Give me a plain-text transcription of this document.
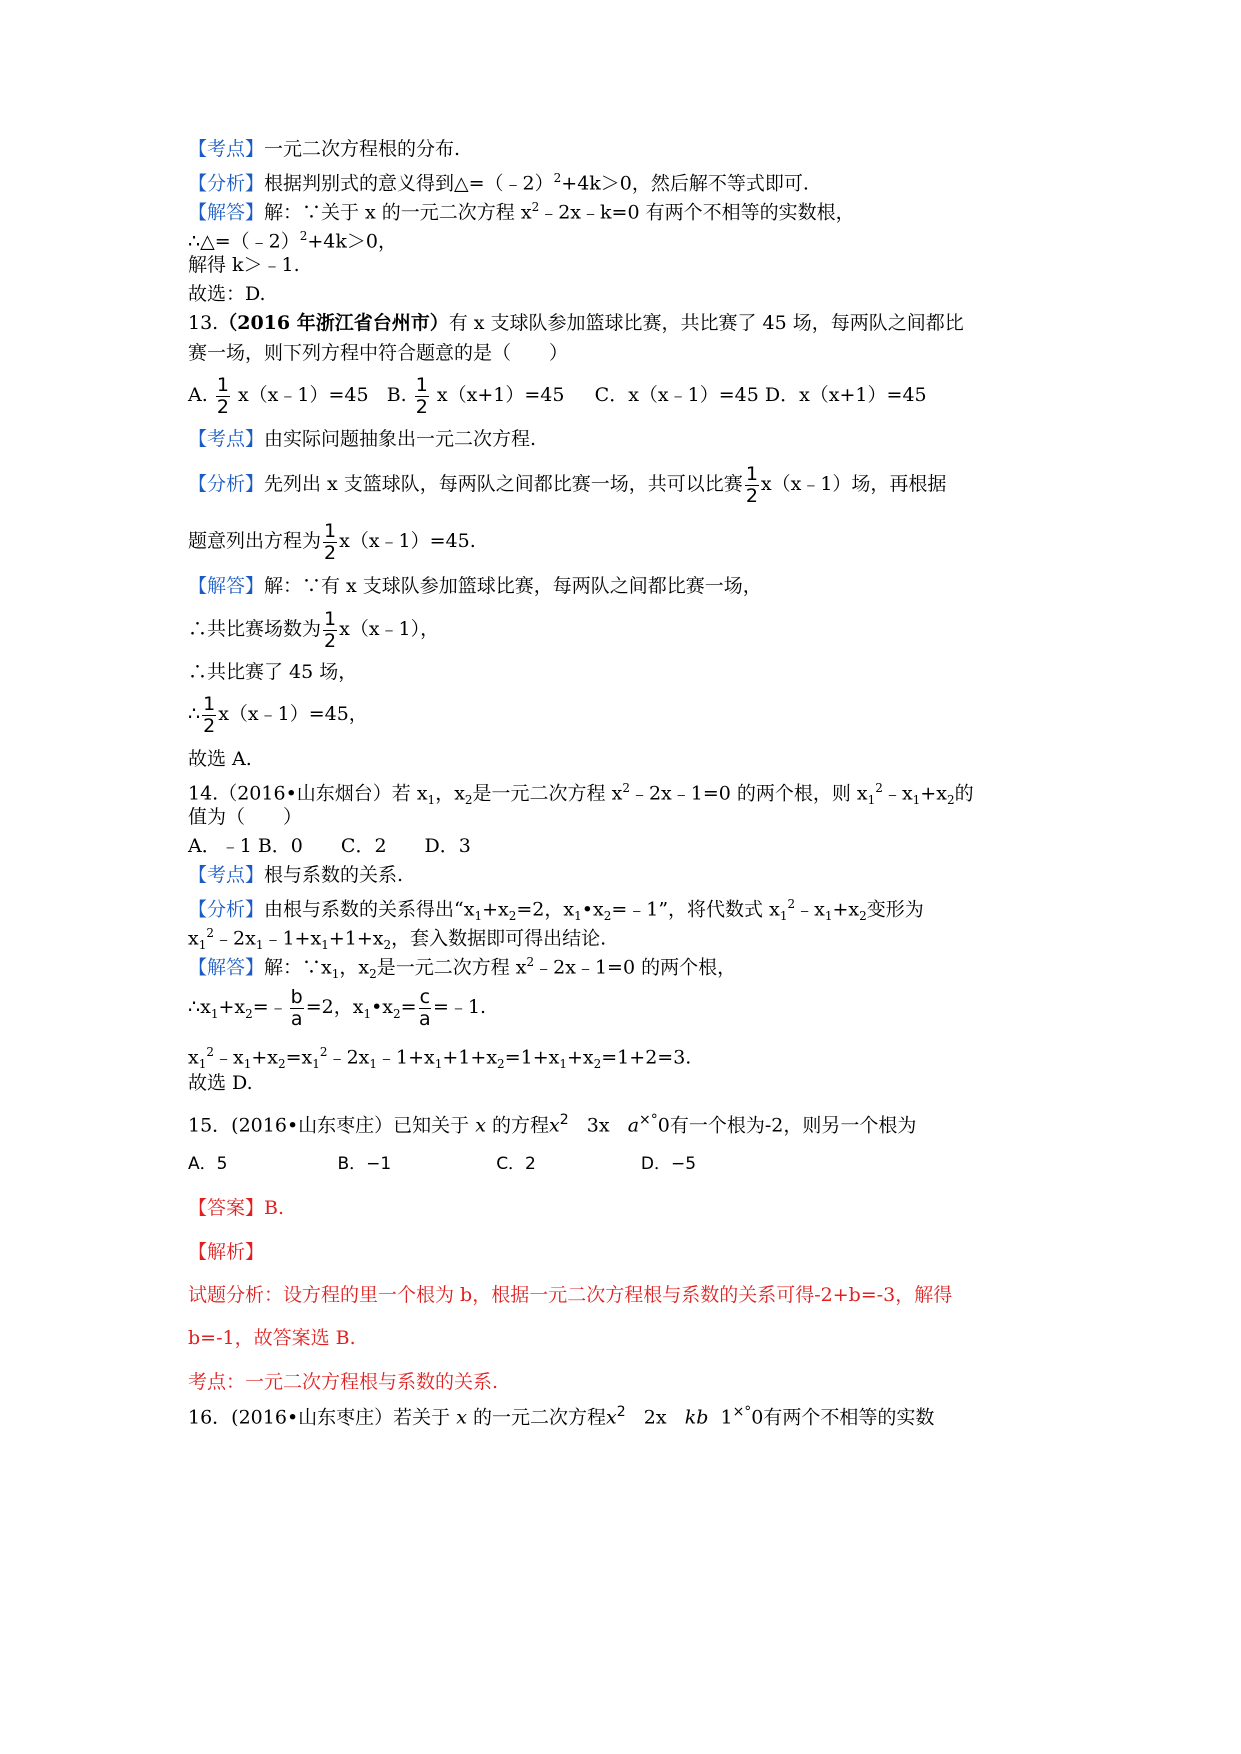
【考点】一元二次方程根的分布.
【分析】根据判别式的意义得到△=（﹣2）$^2$+4k＞0，然后解不等式即可.
【解答】解：∵关于 x 的一元二次方程 $x^2﹣2x﹣k=0$ 有两个不相等的实数根，
∴△=（﹣2）$^2$+4k＞0，
解得 k＞﹣1.
故选：D.
13.（2016 年浙江省台州市）有 x 支球队参加篮球比赛，共比赛了 45 场，每两队之间都比
赛一场，则下列方程中符合题意的是（　　）
A. $\frac{1}{2}$ x（x﹣1）=45 B. $\frac{1}{2} x(x+1)=45$ C．x（x﹣1）=45 D．x（x+1）=45
【考点】由实际问题抽象出一元二次方程.
【分析】先列出 x 支篮球队，每两队之间都比赛一场，共可以比赛 $\frac{1}{2}$ x（x﹣1）场，再根据
题意列出方程为 $\frac{1}{2}$ x（x﹣1）=45.
【解答】解：∵有 x 支球队参加篮球比赛，每两队之间都比赛一场，
∴共比赛场数为 $\frac{1}{2}$ x（x﹣1），
∴共比赛了 45 场，
∴ $\frac{1}{2}$ x（x﹣1）=45，
故选 A.
14.（2016•山东烟台）若 $x_1$，$x_2$是一元二次方程 $x^2﹣2x﹣1=0$ 的两个根，则 $x_1^2﹣x_1+x_2$的
值为（　　）
A．﹣1 B．0　　C．2　　D．3
【考点】根与系数的关系.
【分析】由根与系数的关系得出“$x_1+x_2=2$，$x_1•x_2=﹣1$”，将代数式 $x_1^2﹣x_1+x_2$变形为
$x_1^2﹣2x_1﹣1+x_1+1+x_2$，套入数据即可得出结论.
【解答】解：$\because x_1$，$x_2$是一元二次方程 $x^2﹣2x﹣1=0$ 的两个根，
$\therefore x_1+x_2=﹣ \frac{b}{a} =2$，$x_1•x_2= \frac{c}{a}$ =﹣1.
$x_1^2﹣x_1+x_2=x_1^2﹣2x_1﹣1+x_1+1+x_2=1+x_1+x_2=1+2=3$.
故选 D.
15．(2016•山东枣庄）已知关于 x 的方程$x^2$ 3x a×°0有一个根为-2，则另一个根为
A．5	B．−1	C．2	D．−5
【答案】B.
【解析】
试题分析：设方程的里一个根为 b，根据一元二次方程根与系数的关系可得-2+b=-3，解得
b=-1，故答案选 B.
考点：一元二次方程根与系数的关系.
16．(2016•山东枣庄）若关于 x 的一元二次方程$x^2$ 2x kb 1×°0有两个不相等的实数
